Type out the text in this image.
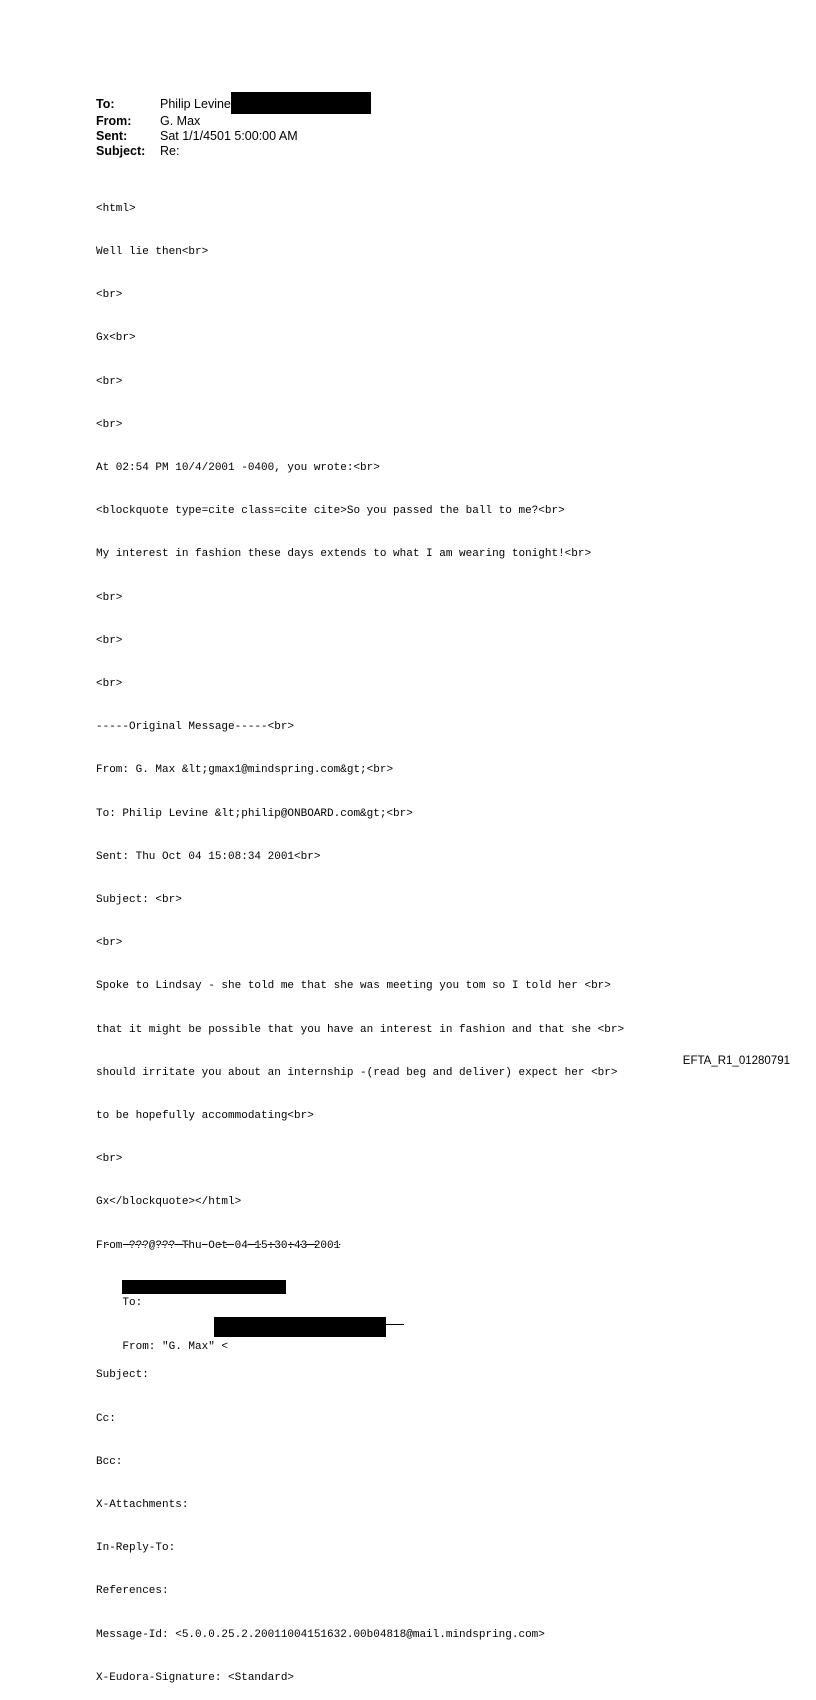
To:	Philip Levine
From:	G. Max
Sent:	Sat 1/1/4501 5:00:00 AM
Subject:	Re:

<html>

Well lie then<br>

<br>

Gx<br>

<br>

<br>

At 02:54 PM 10/4/2001 -0400, you wrote:<br>

<blockquote type=cite class=cite cite>So you passed the ball to me?<br>

My interest in fashion these days extends to what I am wearing tonight!<br>

<br>

<br>

<br>

-----Original Message-----<br>

From: G. Max &lt;gmax1@mindspring.com&gt;<br>

To: Philip Levine &lt;philip@ONBOARD.com&gt;<br>

Sent: Thu Oct 04 15:08:34 2001<br>

Subject: <br>

<br>

Spoke to Lindsay - she told me that she was meeting you tom so I told her <br>

that it might be possible that you have an interest in fashion and that she <br>

should irritate you about an internship -(read beg and deliver) expect her <br>

to be hopefully accommodating<br>

<br>

Gx</blockquote></html>

From ???@??? Thu Oct 04 15:30:43 2001

To:

From: "G. Max" <

Subject:

Cc:

Bcc:

X-Attachments:

In-Reply-To:

References:

Message-Id: <5.0.0.25.2.20011004151632.00b04818@mail.mindspring.com>

X-Eudora-Signature: <Standard>

EFTA_R1_01280791
